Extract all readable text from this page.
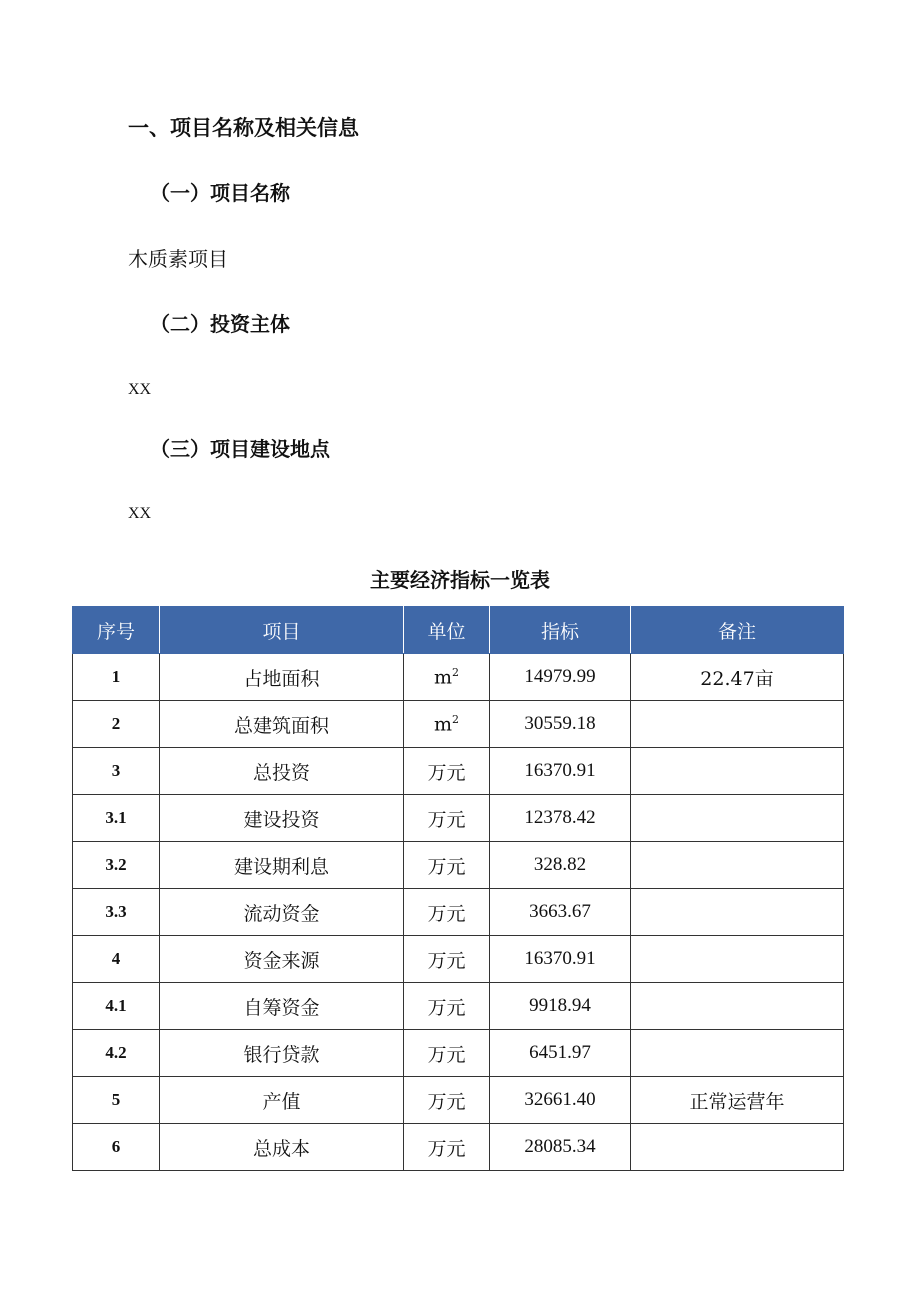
一、项目名称及相关信息
（一）项目名称
木质素项目
（二）投资主体
XX
（三）项目建设地点
XX
主要经济指标一览表
序号	项目	单位	指标	备注
1	占地面积	$m^2$	14979.99	22.47亩
2	总建筑面积	$m^2$	30559.18	
3	总投资	万元	16370.91	
3.1	建设投资	万元	12378.42	
3.2	建设期利息	万元	328.82	
3.3	流动资金	万元	3663.67	
4	资金来源	万元	16370.91	
4.1	自筹资金	万元	9918.94	
4.2	银行贷款	万元	6451.97	
5	产值	万元	32661.40	正常运营年
6	总成本	万元	28085.34	
